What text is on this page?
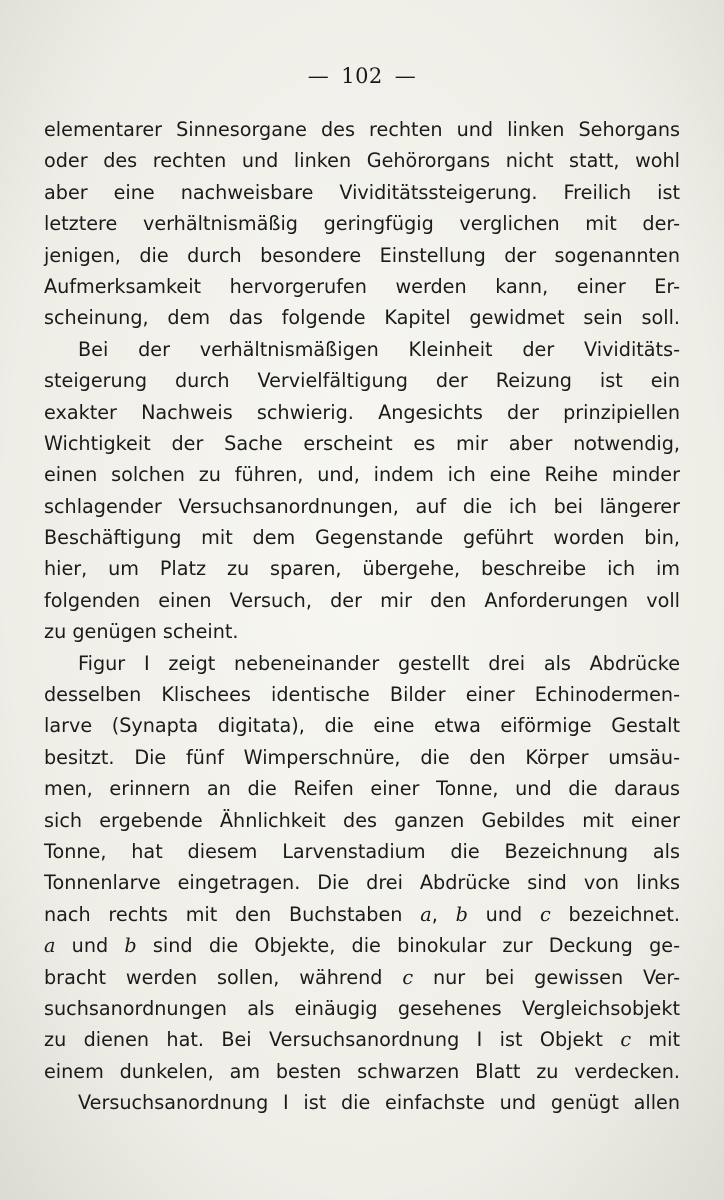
— 102 —
elementarer Sinnesorgane des rechten und linken Sehorgans
oder des rechten und linken Gehörorgans nicht statt, wohl
aber eine nachweisbare Vividitätssteigerung. Freilich ist
letztere verhältnismäßig geringfügig verglichen mit der-
jenigen, die durch besondere Einstellung der sogenannten
Aufmerksamkeit hervorgerufen werden kann, einer Er-
scheinung, dem das folgende Kapitel gewidmet sein soll.
Bei der verhältnismäßigen Kleinheit der Vividitäts-
steigerung durch Vervielfältigung der Reizung ist ein
exakter Nachweis schwierig. Angesichts der prinzipiellen
Wichtigkeit der Sache erscheint es mir aber notwendig,
einen solchen zu führen, und, indem ich eine Reihe minder
schlagender Versuchsanordnungen, auf die ich bei längerer
Beschäftigung mit dem Gegenstande geführt worden bin,
hier, um Platz zu sparen, übergehe, beschreibe ich im
folgenden einen Versuch, der mir den Anforderungen voll
zu genügen scheint.
Figur I zeigt nebeneinander gestellt drei als Abdrücke
desselben Klischees identische Bilder einer Echinodermen-
larve (Synapta digitata), die eine etwa eiförmige Gestalt
besitzt. Die fünf Wimperschnüre, die den Körper umsäu-
men, erinnern an die Reifen einer Tonne, und die daraus
sich ergebende Ähnlichkeit des ganzen Gebildes mit einer
Tonne, hat diesem Larvenstadium die Bezeichnung als
Tonnenlarve eingetragen. Die drei Abdrücke sind von links
nach rechts mit den Buchstaben a, b und c bezeichnet.
a und b sind die Objekte, die binokular zur Deckung ge-
bracht werden sollen, während c nur bei gewissen Ver-
suchsanordnungen als einäugig gesehenes Vergleichsobjekt
zu dienen hat. Bei Versuchsanordnung I ist Objekt c mit
einem dunkelen, am besten schwarzen Blatt zu verdecken.
Versuchsanordnung I ist die einfachste und genügt allen
